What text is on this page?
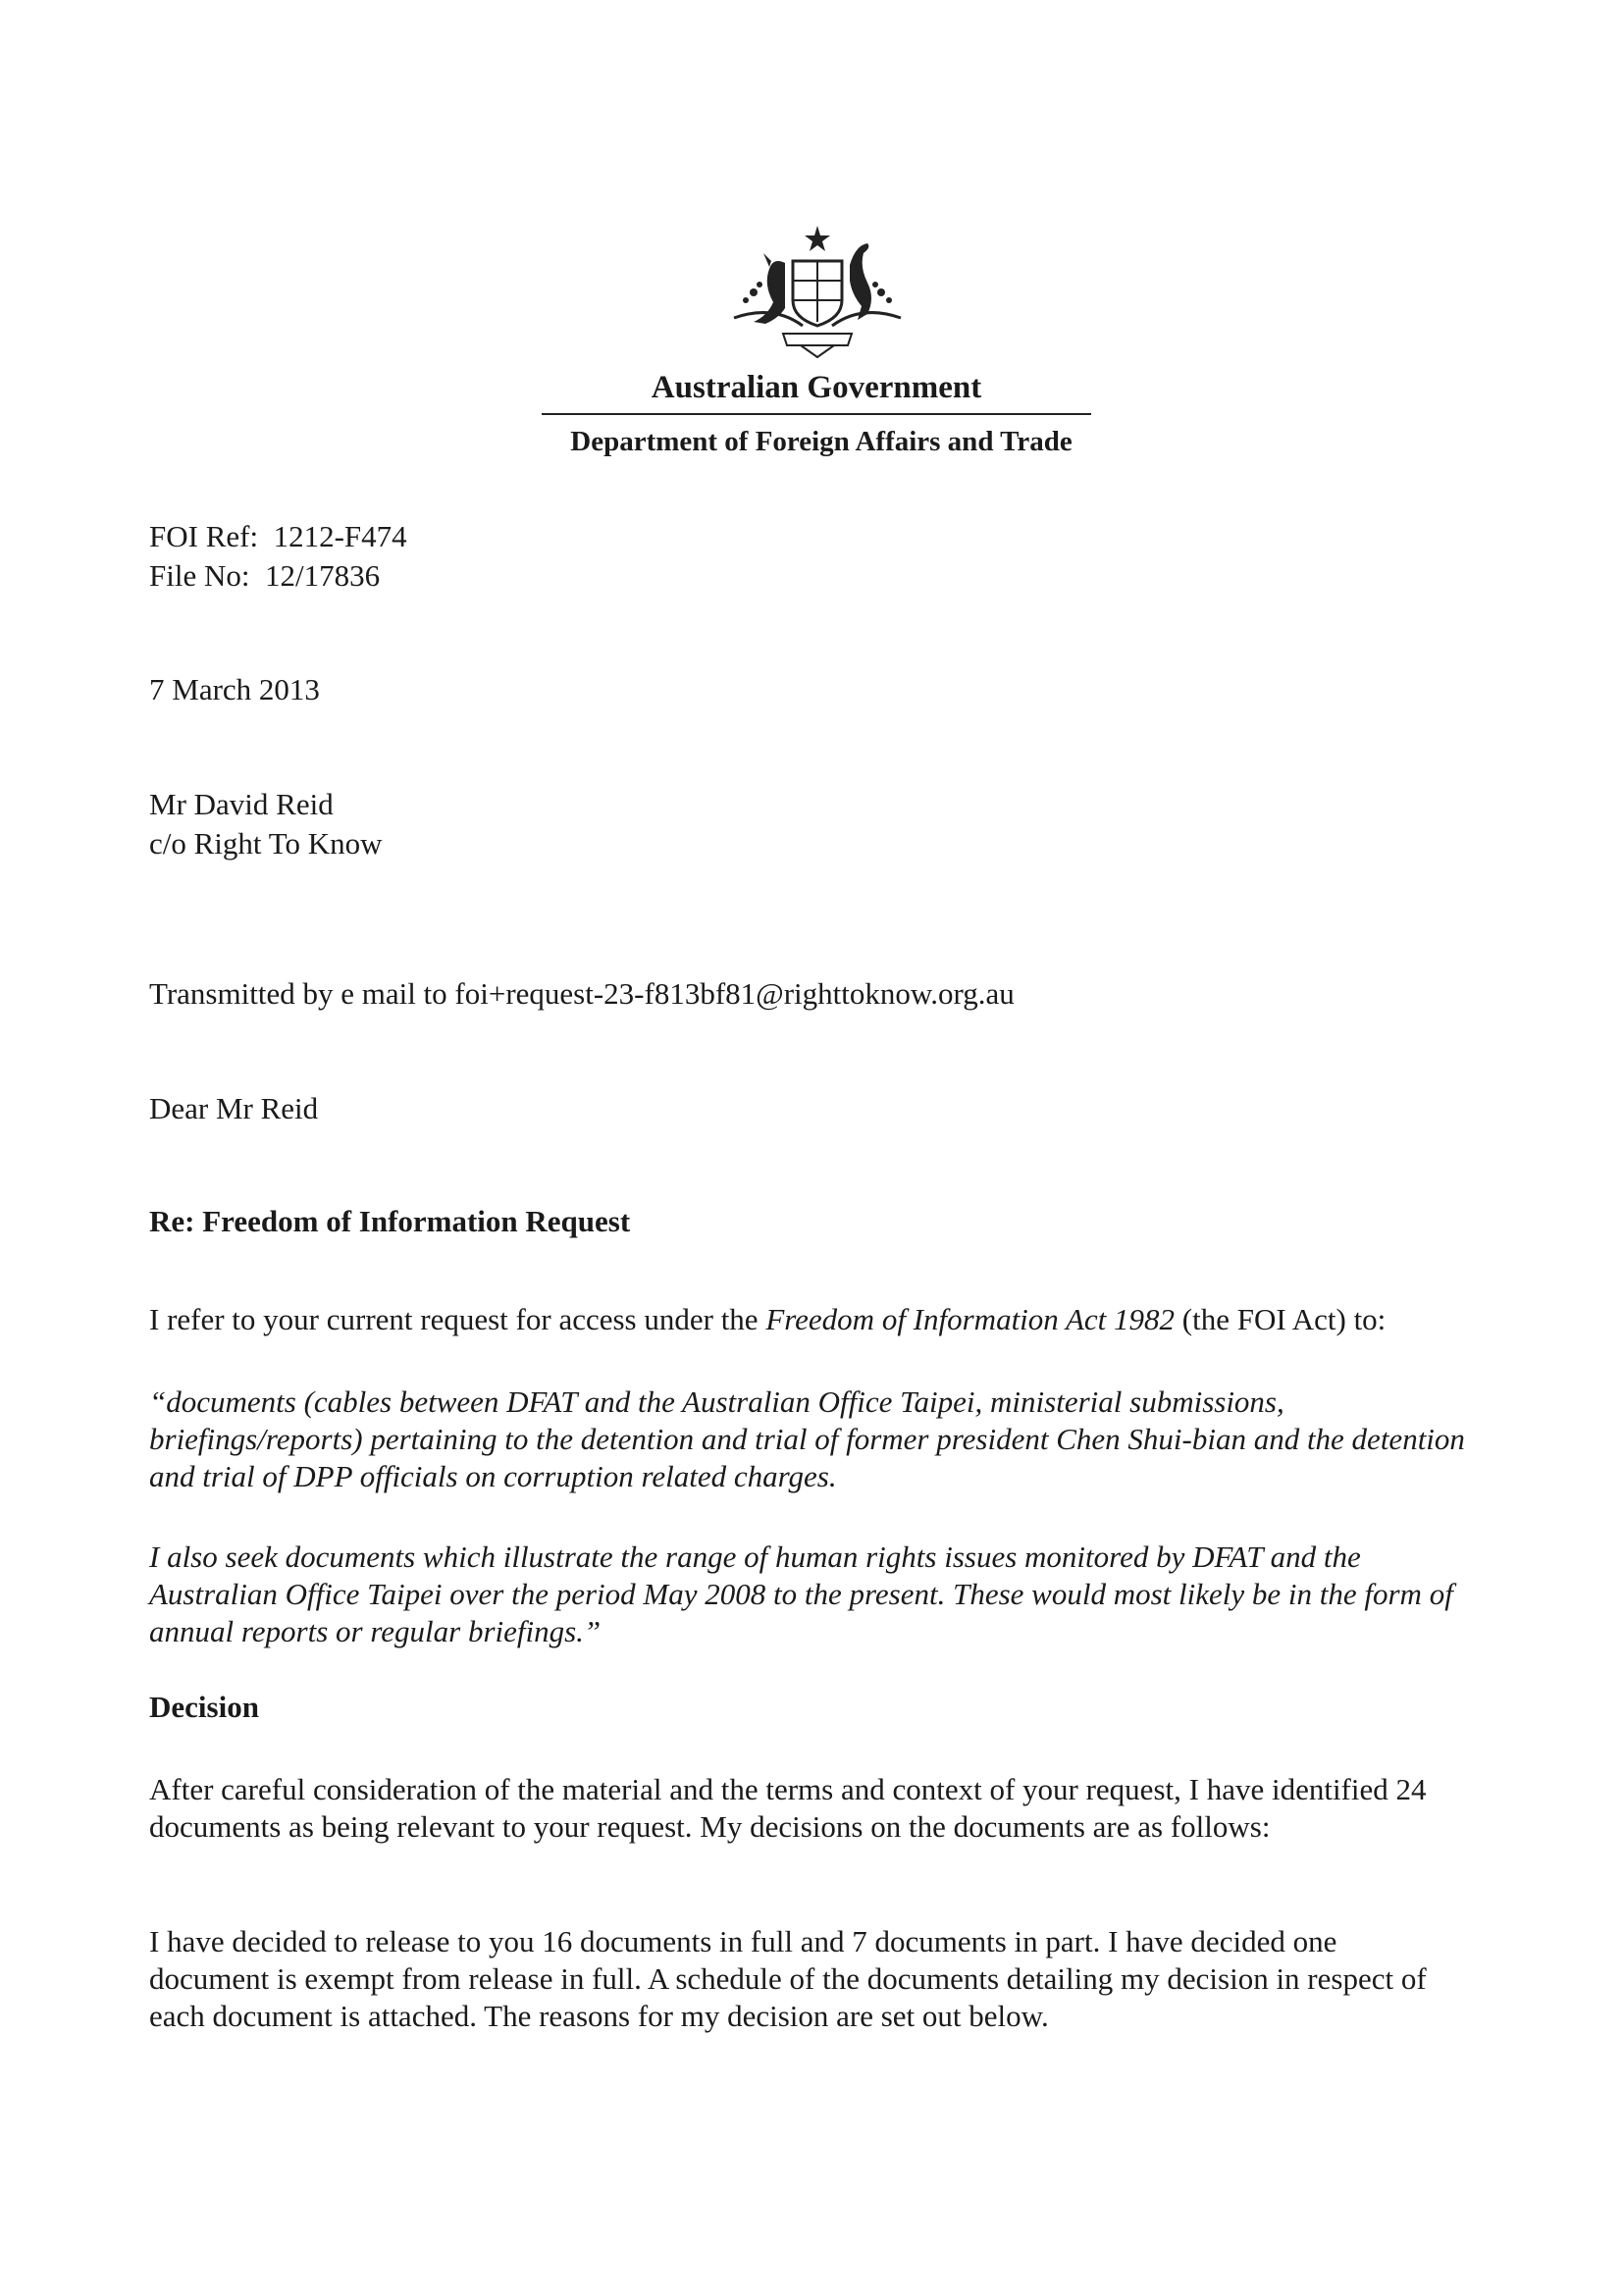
Australian Government
Department of Foreign Affairs and Trade
FOI Ref: 1212-F474
File No: 12/17836
7 March 2013
Mr David Reid
c/o Right To Know
Transmitted by e mail to foi+request-23-f813bf81@righttoknow.org.au
Dear Mr Reid
Re: Freedom of Information Request
I refer to your current request for access under the Freedom of Information Act 1982 (the FOI Act) to:
“documents (cables between DFAT and the Australian Office Taipei, ministerial submissions, briefings/reports) pertaining to the detention and trial of former president Chen Shui-bian and the detention and trial of DPP officials on corruption related charges.
I also seek documents which illustrate the range of human rights issues monitored by DFAT and the Australian Office Taipei over the period May 2008 to the present. These would most likely be in the form of annual reports or regular briefings.”
Decision
After careful consideration of the material and the terms and context of your request, I have identified 24 documents as being relevant to your request. My decisions on the documents are as follows:
I have decided to release to you 16 documents in full and 7 documents in part. I have decided one document is exempt from release in full. A schedule of the documents detailing my decision in respect of each document is attached. The reasons for my decision are set out below.
